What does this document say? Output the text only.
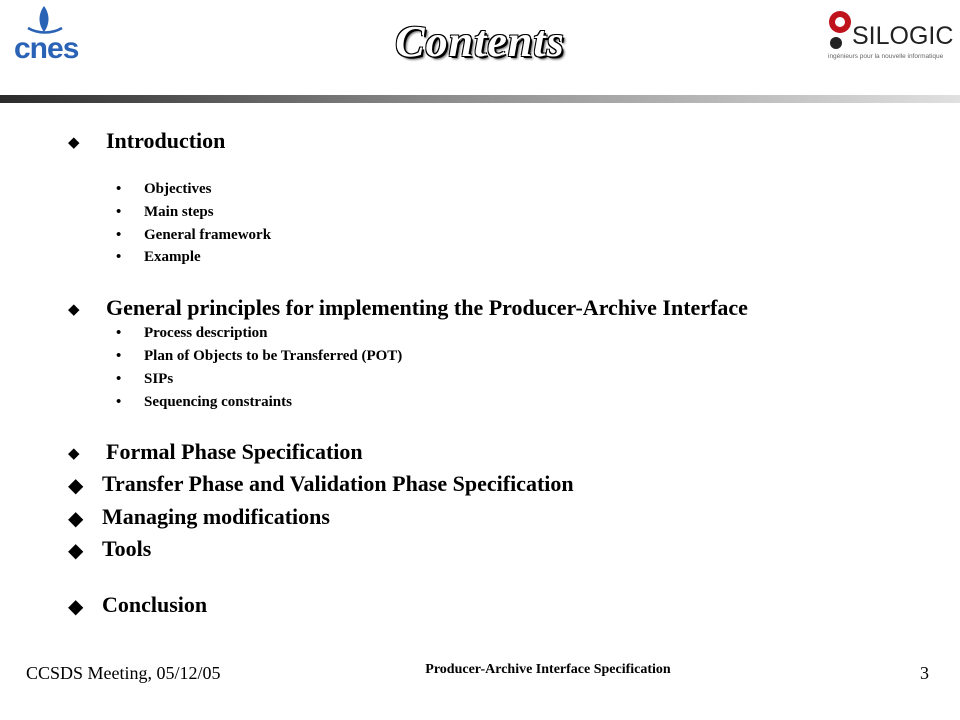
cnes	SILOGIC
ingénieurs pour la nouvelle informatique
Contents
◆ Introduction
• Objectives
• Main steps
• General framework
• Example
◆ General principles for implementing the Producer-Archive Interface
• Process description
• Plan of Objects to be Transferred (POT)
• SIPs
• Sequencing constraints
◆ Formal Phase Specification
◆ Transfer Phase and Validation Phase Specification
◆ Managing modifications
◆ Tools
◆ Conclusion
CCSDS Meeting, 05/12/05	Producer-Archive Interface Specification	3
